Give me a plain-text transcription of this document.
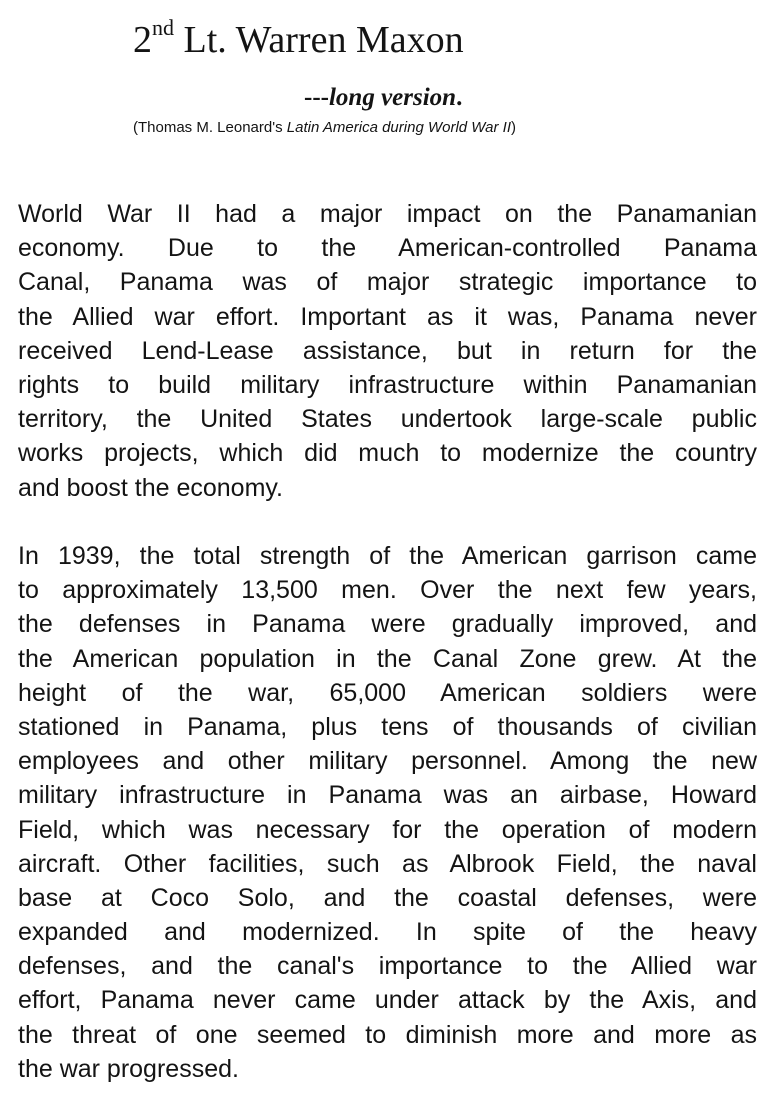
2nd Lt. Warren Maxon
---long version.
(Thomas M. Leonard's Latin America during World War II)

World War II had a major impact on the Panamanian
economy. Due to the American-controlled Panama
Canal, Panama was of major strategic importance to
the Allied war effort. Important as it was, Panama never
received Lend-Lease assistance, but in return for the
rights to build military infrastructure within Panamanian
territory, the United States undertook large-scale public
works projects, which did much to modernize the country
and boost the economy.

In 1939, the total strength of the American garrison came
to approximately 13,500 men. Over the next few years,
the defenses in Panama were gradually improved, and
the American population in the Canal Zone grew. At the
height of the war, 65,000 American soldiers were
stationed in Panama, plus tens of thousands of civilian
employees and other military personnel. Among the new
military infrastructure in Panama was an airbase, Howard
Field, which was necessary for the operation of modern
aircraft. Other facilities, such as Albrook Field, the naval
base at Coco Solo, and the coastal defenses, were
expanded and modernized. In spite of the heavy
defenses, and the canal's importance to the Allied war
effort, Panama never came under attack by the Axis, and
the threat of one seemed to diminish more and more as
the war progressed.
